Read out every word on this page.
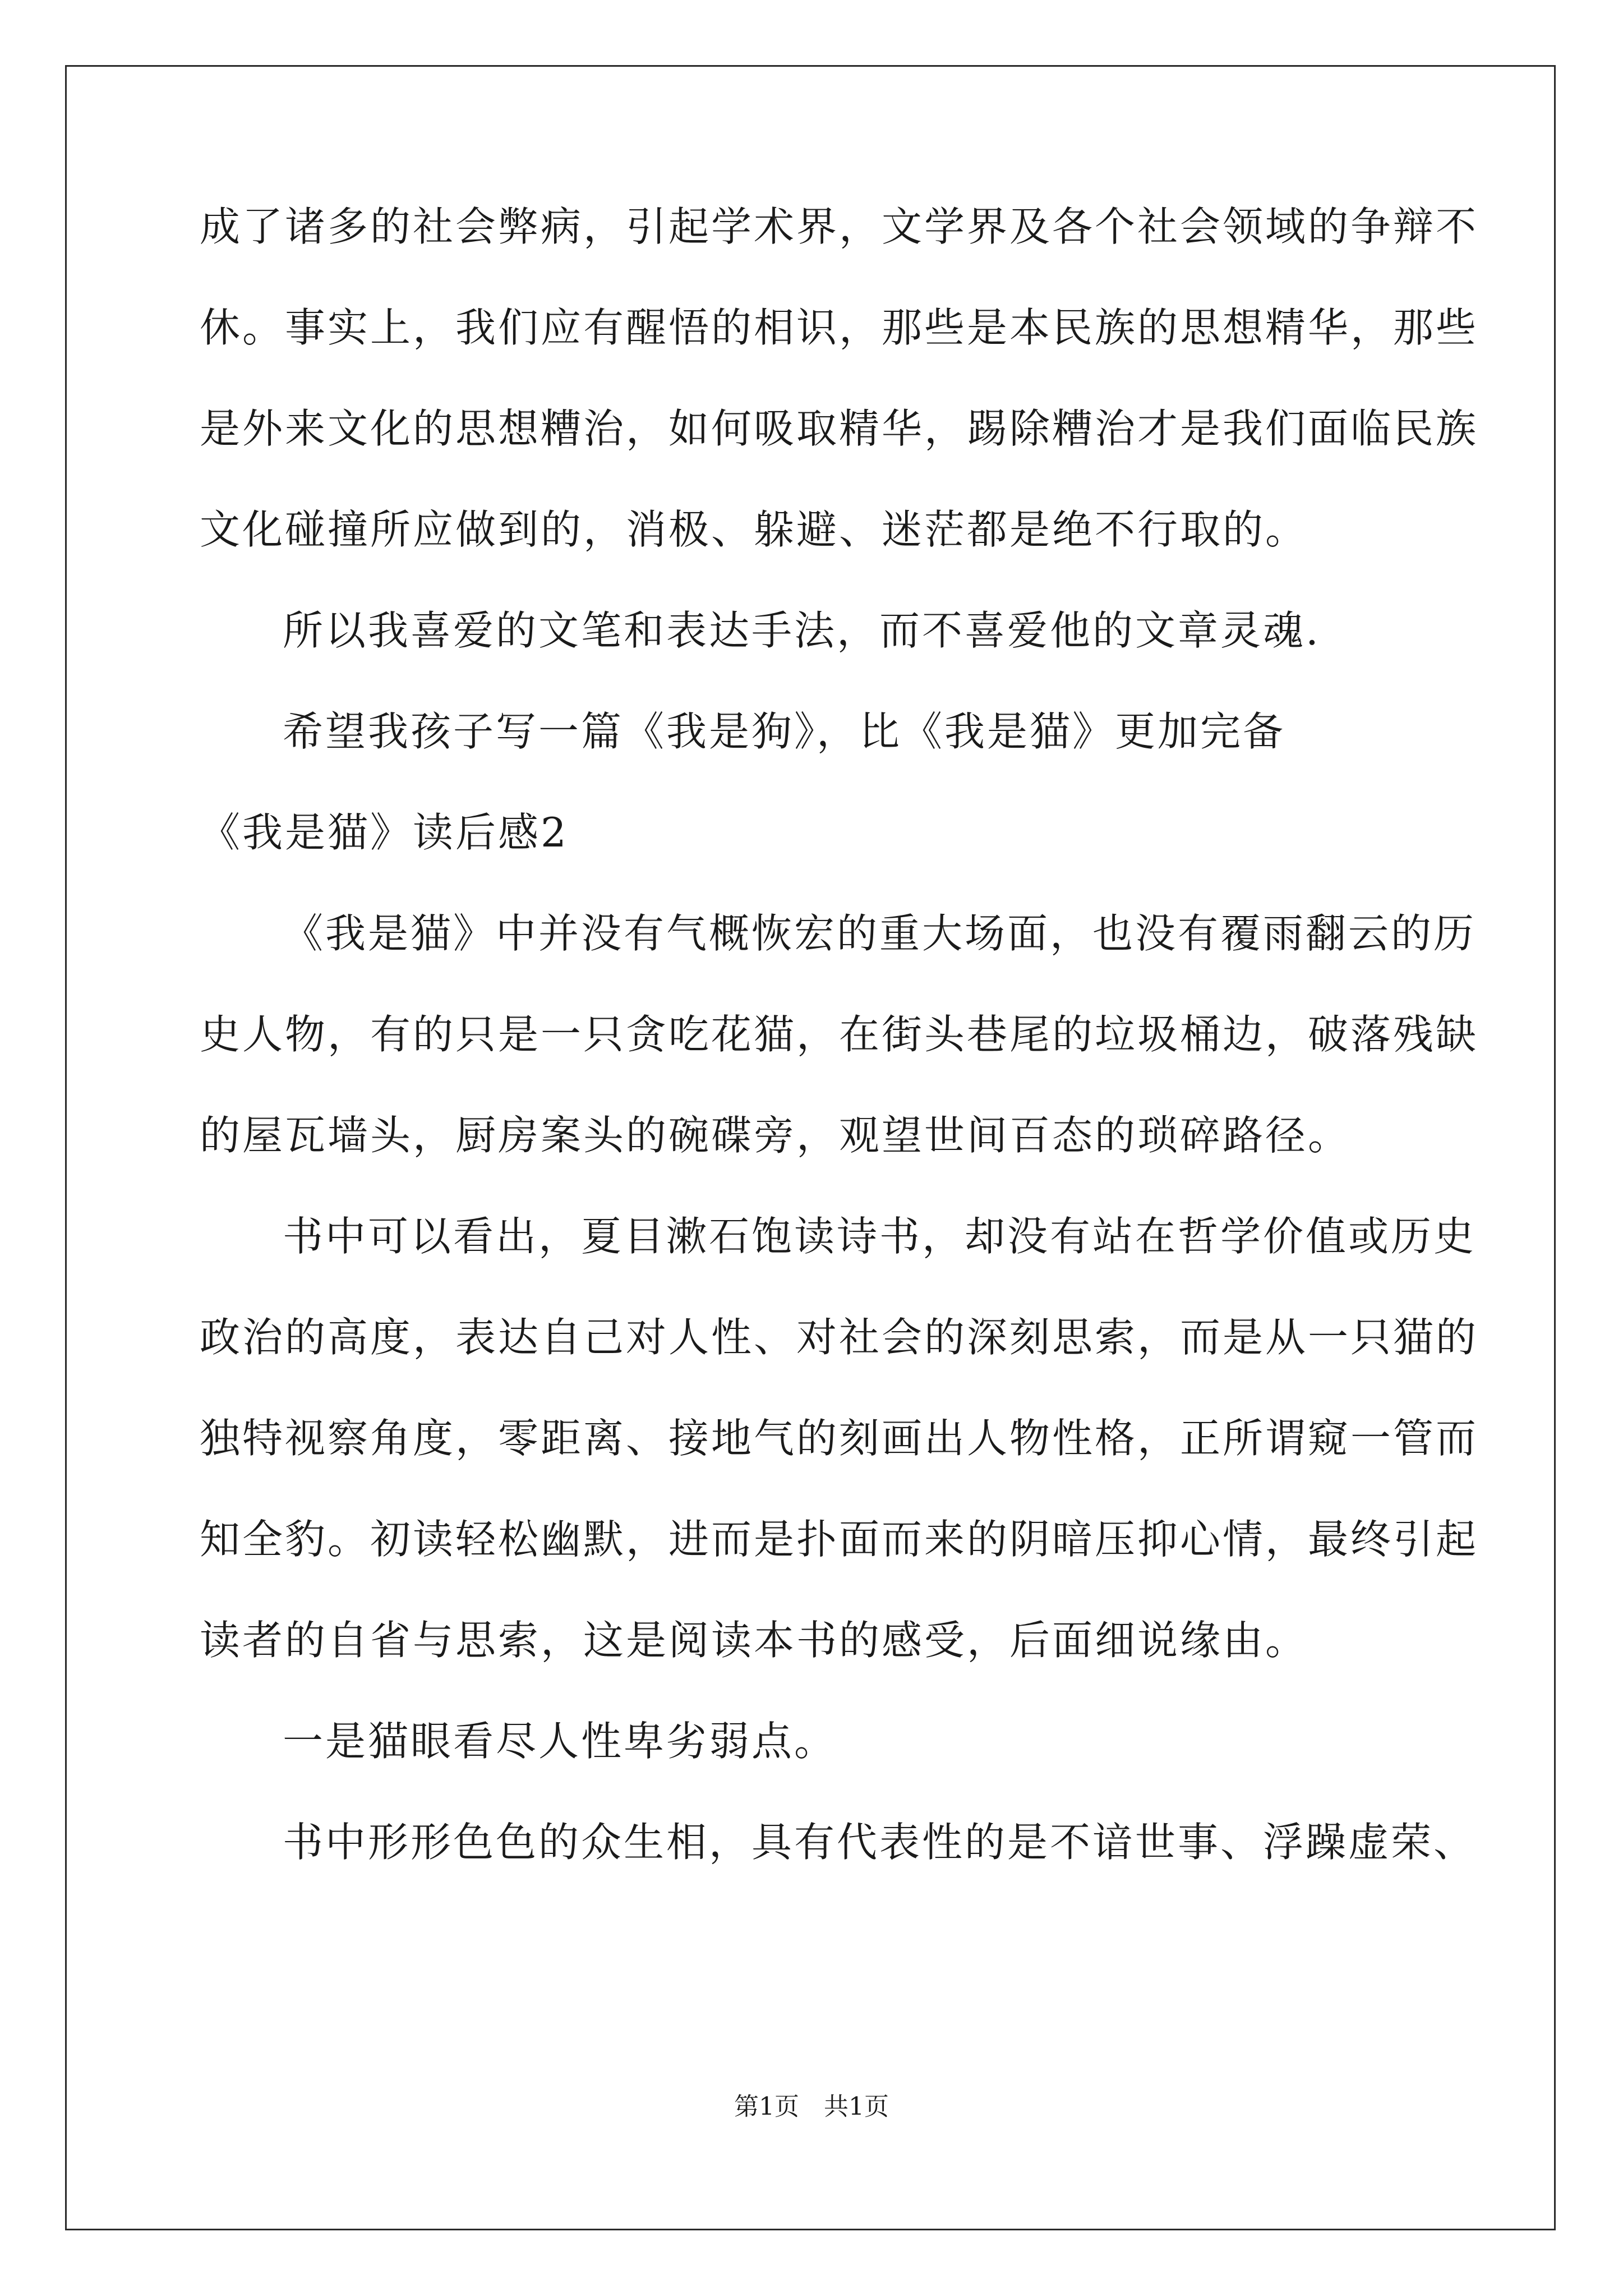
成了诸多的社会弊病，引起学术界，文学界及各个社会领域的争辩不
休。事实上，我们应有醒悟的相识，那些是本民族的思想精华，那些
是外来文化的思想糟治，如何吸取精华，踢除糟治才是我们面临民族
文化碰撞所应做到的，消极、躲避、迷茫都是绝不行取的。
所以我喜爱的文笔和表达手法，而不喜爱他的文章灵魂.
希望我孩子写一篇《我是狗》，比《我是猫》更加完备
《我是猫》读后感2
《我是猫》中并没有气概恢宏的重大场面，也没有覆雨翻云的历
史人物，有的只是一只贪吃花猫，在街头巷尾的垃圾桶边，破落残缺
的屋瓦墙头，厨房案头的碗碟旁，观望世间百态的琐碎路径。
书中可以看出，夏目漱石饱读诗书，却没有站在哲学价值或历史
政治的高度，表达自己对人性、对社会的深刻思索，而是从一只猫的
独特视察角度，零距离、接地气的刻画出人物性格，正所谓窥一管而
知全豹。初读轻松幽默，进而是扑面而来的阴暗压抑心情，最终引起
读者的自省与思索，这是阅读本书的感受，后面细说缘由。
一是猫眼看尽人性卑劣弱点。
书中形形色色的众生相，具有代表性的是不谙世事、浮躁虚荣、
第1页 共1页
